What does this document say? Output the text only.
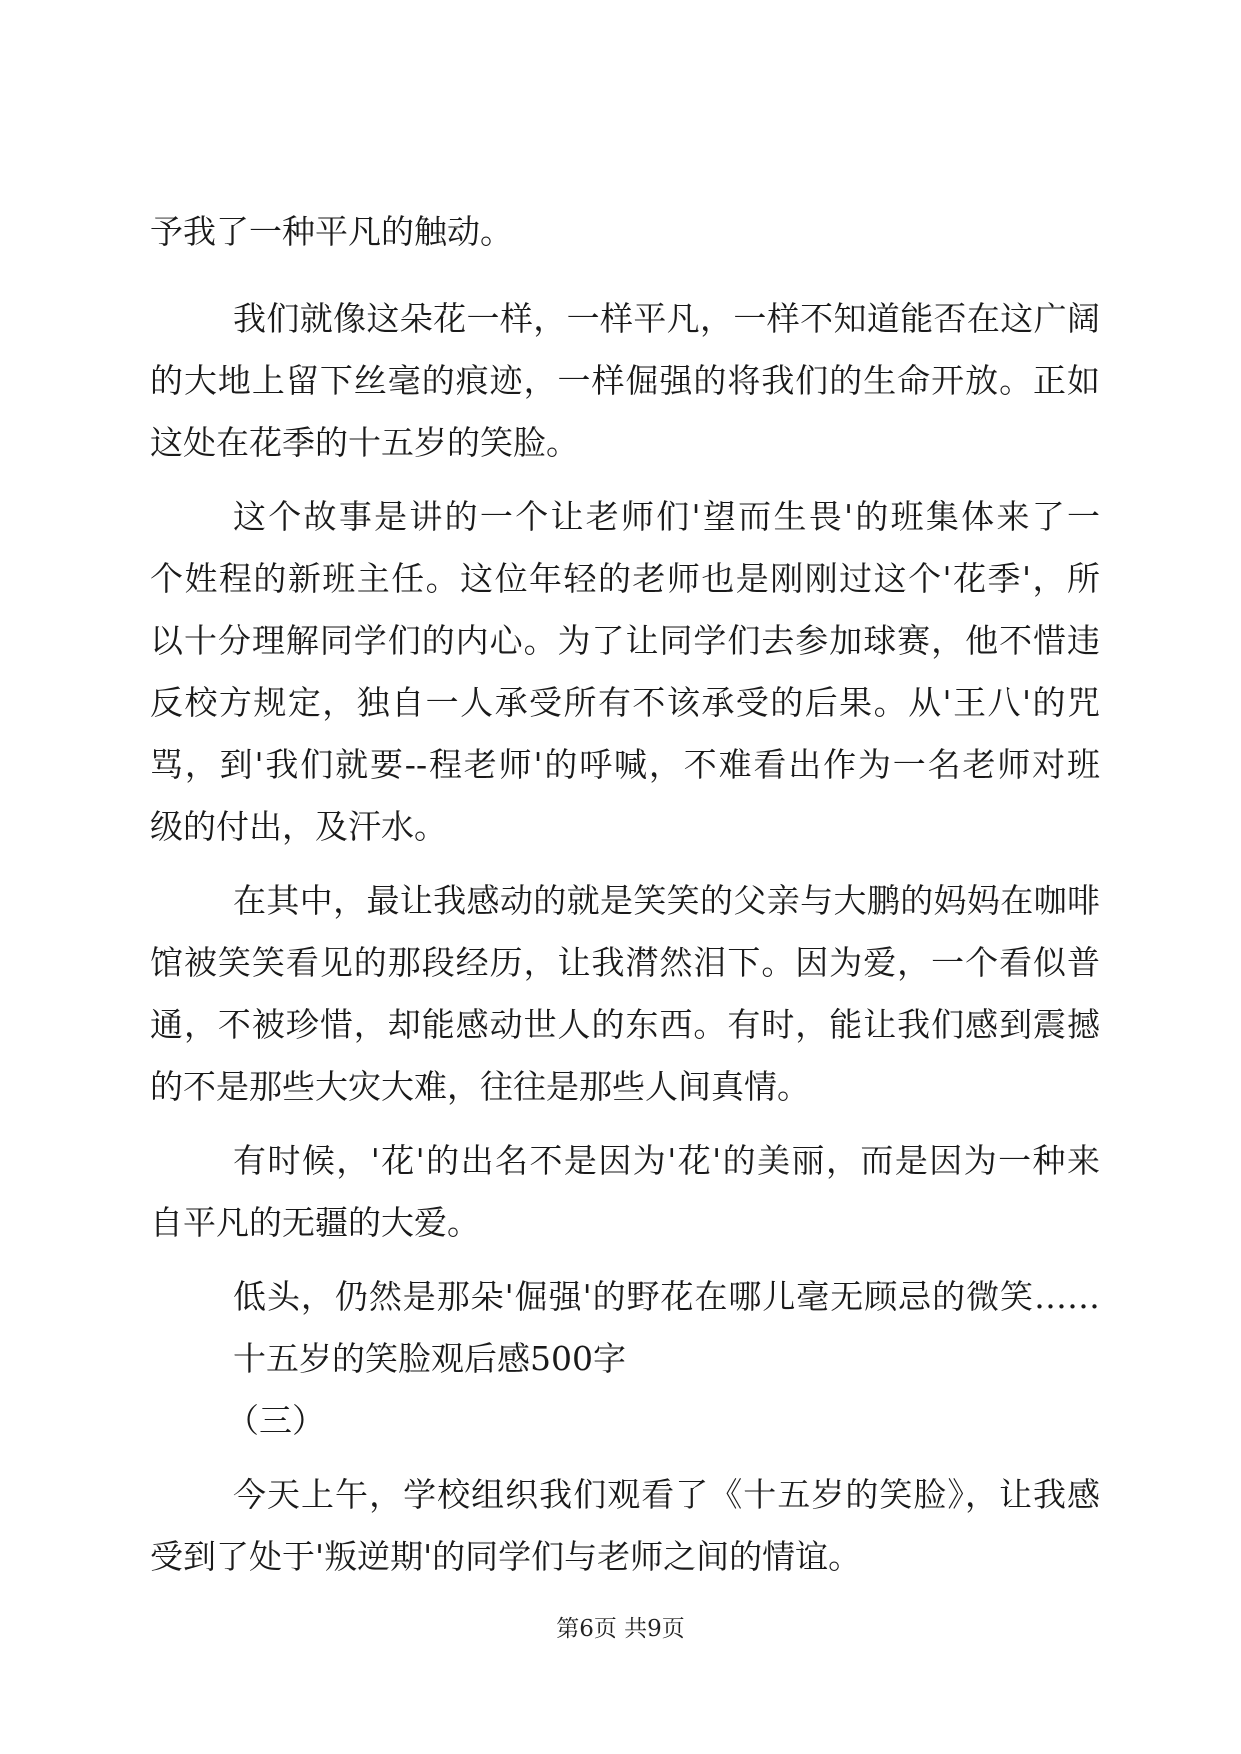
予我了一种平凡的触动。
我们就像这朵花一样，一样平凡，一样不知道能否在这广阔
的大地上留下丝毫的痕迹，一样倔强的将我们的生命开放。正如
这处在花季的十五岁的笑脸。
这个故事是讲的一个让老师们'望而生畏'的班集体来了一
个姓程的新班主任。这位年轻的老师也是刚刚过这个'花季'，所
以十分理解同学们的内心。为了让同学们去参加球赛，他不惜违
反校方规定，独自一人承受所有不该承受的后果。从'王八'的咒
骂，到'我们就要--程老师'的呼喊，不难看出作为一名老师对班
级的付出，及汗水。
在其中，最让我感动的就是笑笑的父亲与大鹏的妈妈在咖啡
馆被笑笑看见的那段经历，让我潸然泪下。因为爱，一个看似普
通，不被珍惜，却能感动世人的东西。有时，能让我们感到震撼
的不是那些大灾大难，往往是那些人间真情。
有时候，'花'的出名不是因为'花'的美丽，而是因为一种来
自平凡的无疆的大爱。
低头，仍然是那朵'倔强'的野花在哪儿毫无顾忌的微笑……
十五岁的笑脸观后感500字
（三）
今天上午，学校组织我们观看了《十五岁的笑脸》，让我感
受到了处于'叛逆期'的同学们与老师之间的情谊。
第6页 共9页
